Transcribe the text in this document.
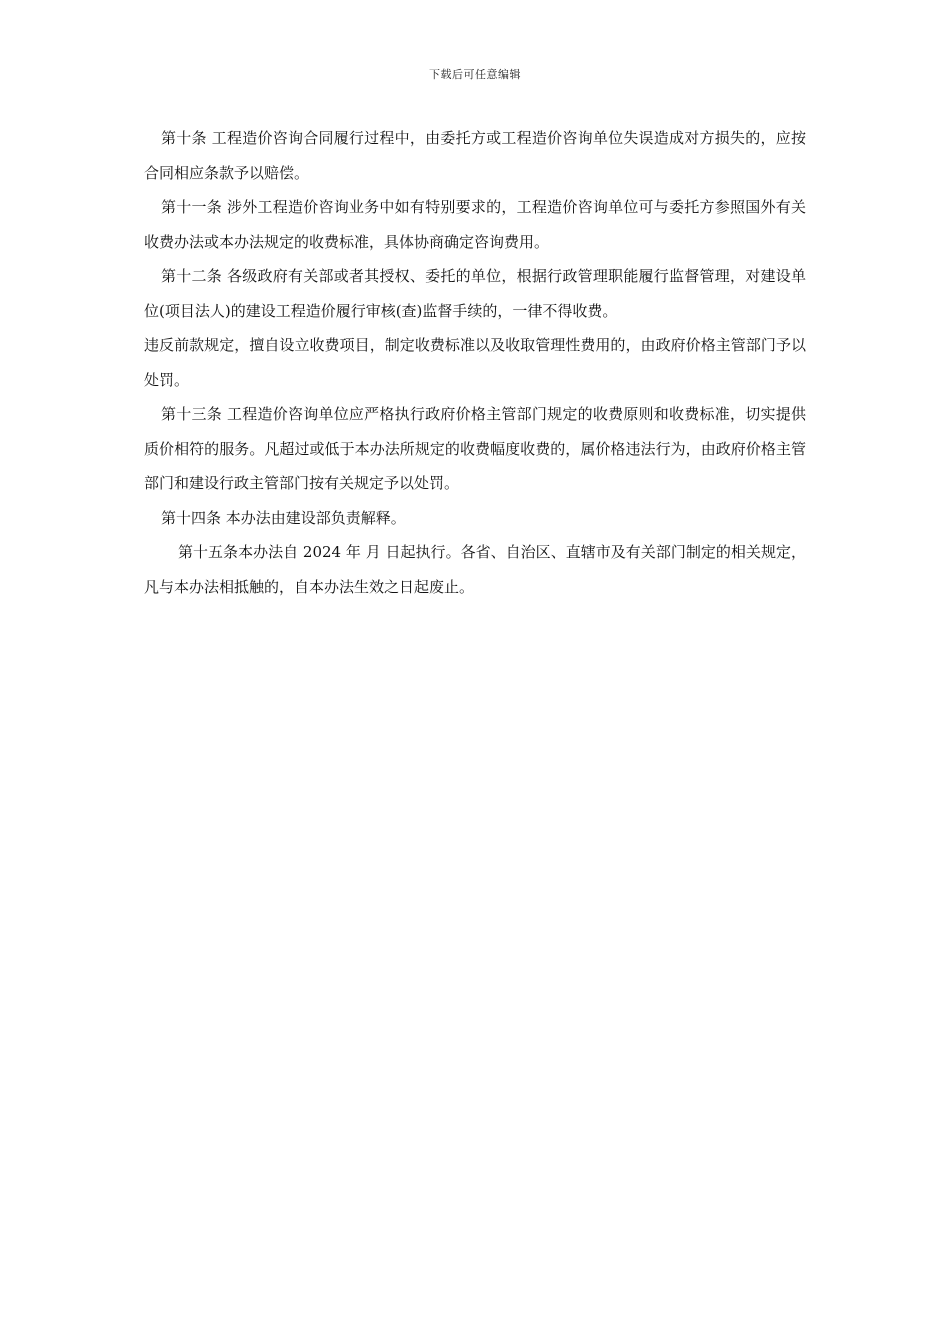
下载后可任意编辑

第十条 工程造价咨询合同履行过程中，由委托方或工程造价咨询单位失误造成对方损失的，应按合同相应条款予以赔偿。

第十一条 涉外工程造价咨询业务中如有特别要求的，工程造价咨询单位可与委托方参照国外有关收费办法或本办法规定的收费标准，具体协商确定咨询费用。

第十二条 各级政府有关部或者其授权、委托的单位，根据行政管理职能履行监督管理，对建设单位(项目法人)的建设工程造价履行审核(查)监督手续的，一律不得收费。

违反前款规定，擅自设立收费项目，制定收费标准以及收取管理性费用的，由政府价格主管部门予以处罚。

第十三条 工程造价咨询单位应严格执行政府价格主管部门规定的收费原则和收费标准，切实提供质价相符的服务。凡超过或低于本办法所规定的收费幅度收费的，属价格违法行为，由政府价格主管部门和建设行政主管部门按有关规定予以处罚。

第十四条 本办法由建设部负责解释。

第十五条本办法自 2024 年 月 日起执行。各省、自治区、直辖市及有关部门制定的相关规定，凡与本办法相抵触的，自本办法生效之日起废止。
